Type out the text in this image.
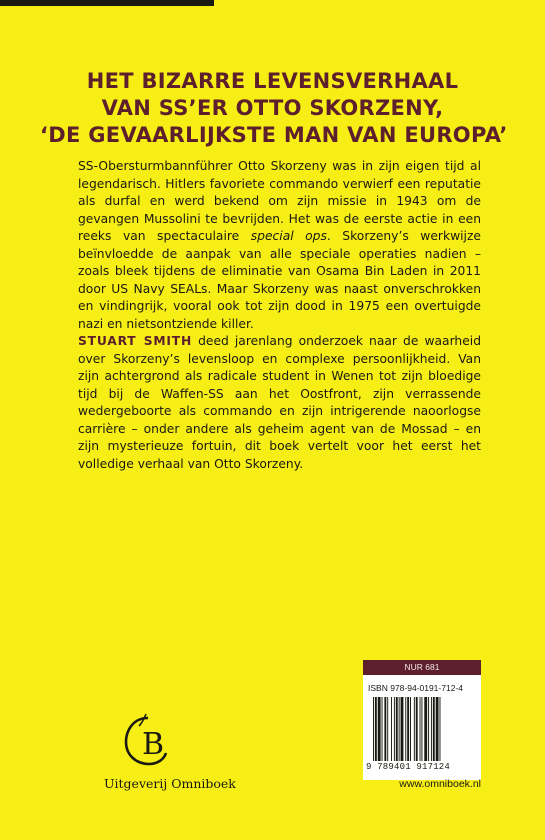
HET BIZARRE LEVENSVERHAAL
VAN SS’ER OTTO SKORZENY,
‘DE GEVAARLIJKSTE MAN VAN EUROPA’
SS-Obersturmbannführer Otto Skorzeny was in zijn eigen tijd al legendarisch. Hitlers favoriete commando verwierf een reputatie als durfal en werd bekend om zijn missie in 1943 om de gevangen Mussolini te bevrijden. Het was de eerste actie in een reeks van spectaculaire special ops. Skorzeny’s werkwijze beïnvloedde de aanpak van alle speciale operaties nadien – zoals bleek tijdens de eliminatie van Osama Bin Laden in 2011 door US Navy SEALs. Maar Skorzeny was naast onverschrokken en vindingrijk, vooral ook tot zijn dood in 1975 een overtuigde nazi en nietsontziende killer.
STUART SMITH deed jarenlang onderzoek naar de waarheid over Skorzeny’s levensloop en complexe persoonlijkheid. Van zijn achtergrond als radicale student in Wenen tot zijn bloedige tijd bij de Waffen-SS aan het Oostfront, zijn verrassende wedergeboorte als commando en zijn intrigerende naoorlogse carrière – onder andere als geheim agent van de Mossad – en zijn mysterieuze fortuin, dit boek vertelt voor het eerst het volledige verhaal van Otto Skorzeny.
B
Uitgeverij Omniboek
NUR 681
ISBN 978-94-0191-712-4
9 789401 917124
www.omniboek.nl
